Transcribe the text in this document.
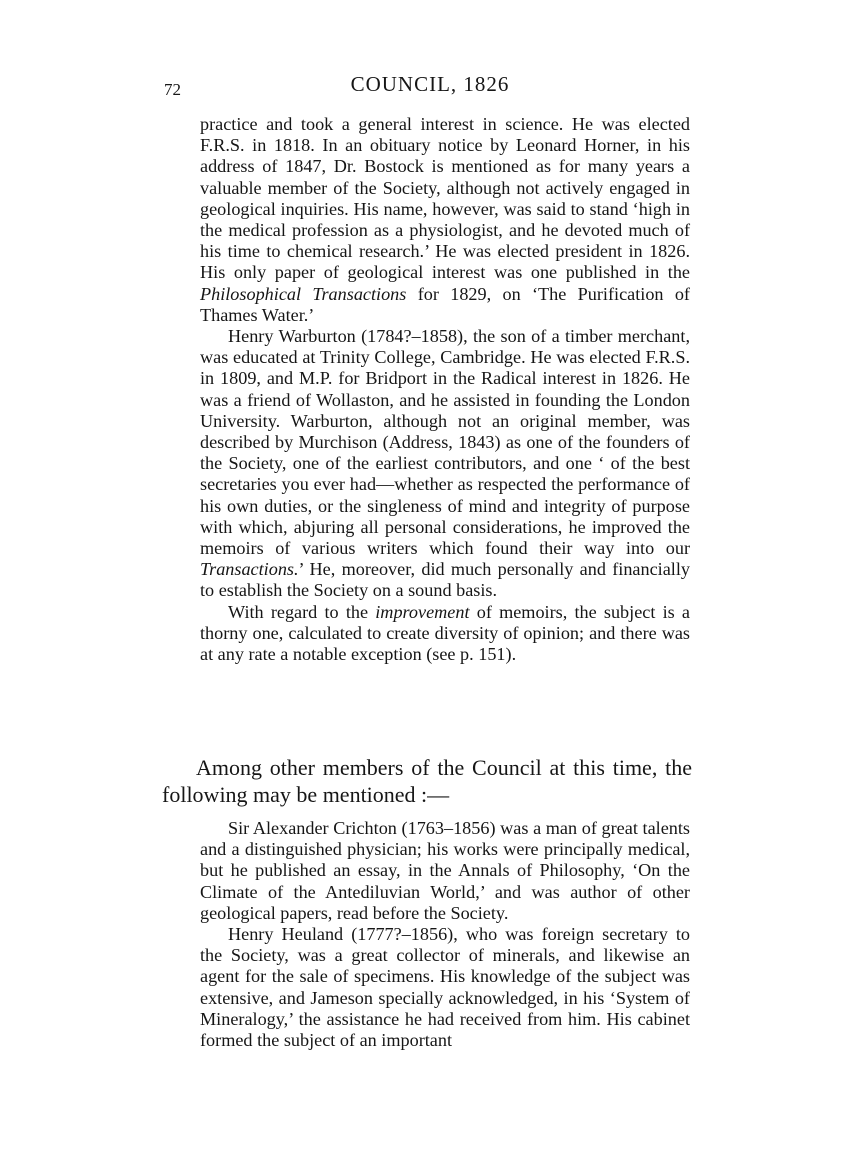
72	COUNCIL, 1826

practice and took a general interest in science. He was elected F.R.S. in 1818. In an obituary notice by Leonard Horner, in his address of 1847, Dr. Bostock is mentioned as for many years a valuable member of the Society, although not actively engaged in geological inquiries. His name, however, was said to stand ‘high in the medical profession as a physiologist, and he devoted much of his time to chemical research.’ He was elected president in 1826. His only paper of geological interest was one published in the Philosophical Transactions for 1829, on ‘The Purification of Thames Water.’

Henry Warburton (1784?–1858), the son of a timber merchant, was educated at Trinity College, Cambridge. He was elected F.R.S. in 1809, and M.P. for Bridport in the Radical interest in 1826. He was a friend of Wollaston, and he assisted in founding the London University. Warburton, although not an original member, was described by Murchison (Address, 1843) as one of the founders of the Society, one of the earliest contributors, and one ‘ of the best secretaries you ever had—whether as respected the performance of his own duties, or the singleness of mind and integrity of purpose with which, abjuring all personal considerations, he improved the memoirs of various writers which found their way into our Transactions.’ He, moreover, did much personally and financially to establish the Society on a sound basis.

With regard to the improvement of memoirs, the subject is a thorny one, calculated to create diversity of opinion; and there was at any rate a notable exception (see p. 151).

Among other members of the Council at this time, the following may be mentioned :—

Sir Alexander Crichton (1763–1856) was a man of great talents and a distinguished physician; his works were principally medical, but he published an essay, in the Annals of Philosophy, ‘On the Climate of the Antediluvian World,’ and was author of other geological papers, read before the Society.

Henry Heuland (1777?–1856), who was foreign secretary to the Society, was a great collector of minerals, and likewise an agent for the sale of specimens. His knowledge of the subject was extensive, and Jameson specially acknowledged, in his ‘System of Mineralogy,’ the assistance he had received from him. His cabinet formed the subject of an important
